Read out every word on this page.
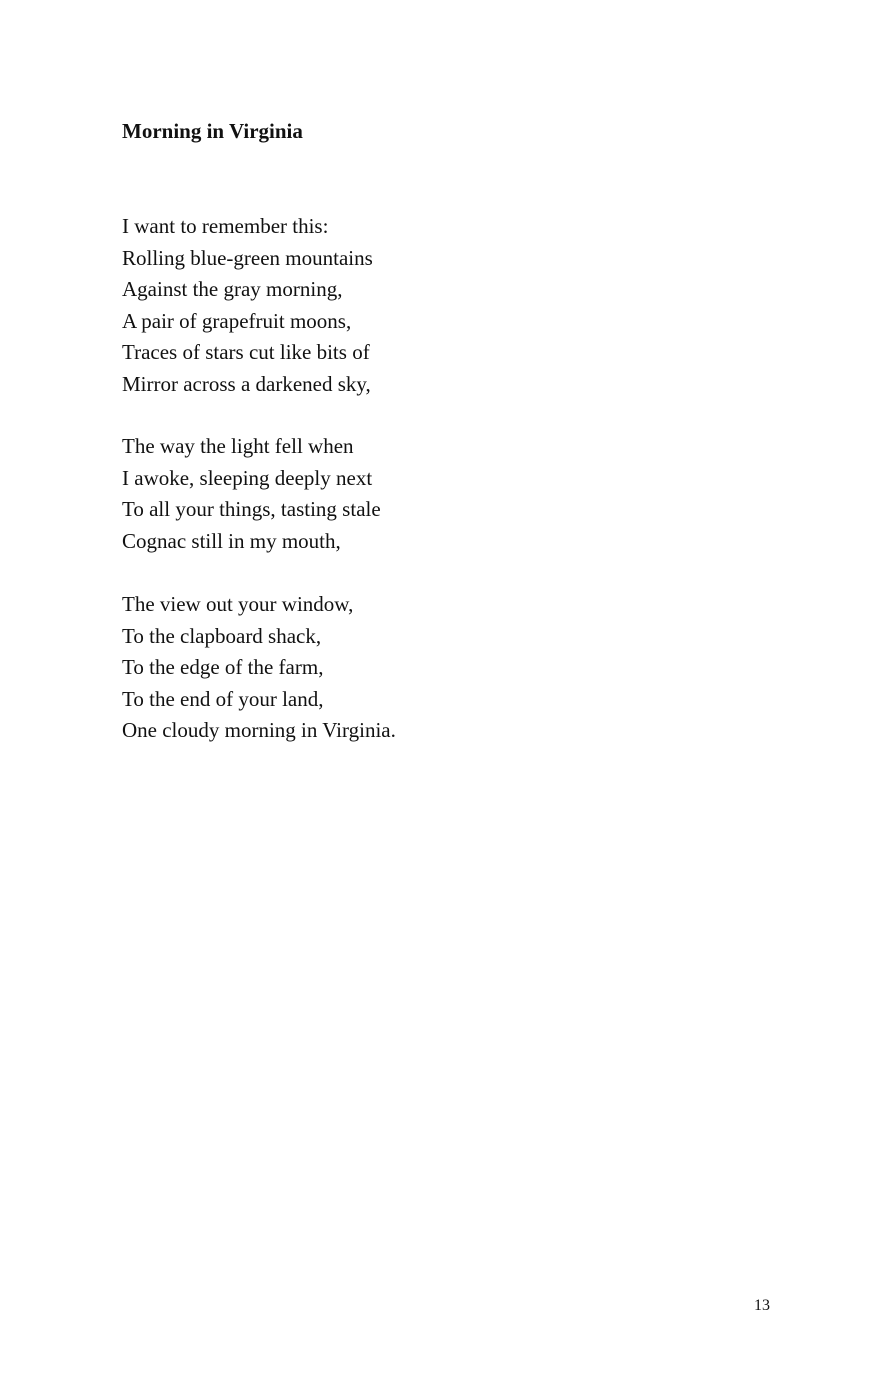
Morning in Virginia
I want to remember this:
Rolling blue-green mountains
Against the gray morning,
A pair of grapefruit moons,
Traces of stars cut like bits of
Mirror across a darkened sky,
The way the light fell when
I awoke, sleeping deeply next
To all your things, tasting stale
Cognac still in my mouth,
The view out your window,
To the clapboard shack,
To the edge of the farm,
To the end of your land,
One cloudy morning in Virginia.
13
